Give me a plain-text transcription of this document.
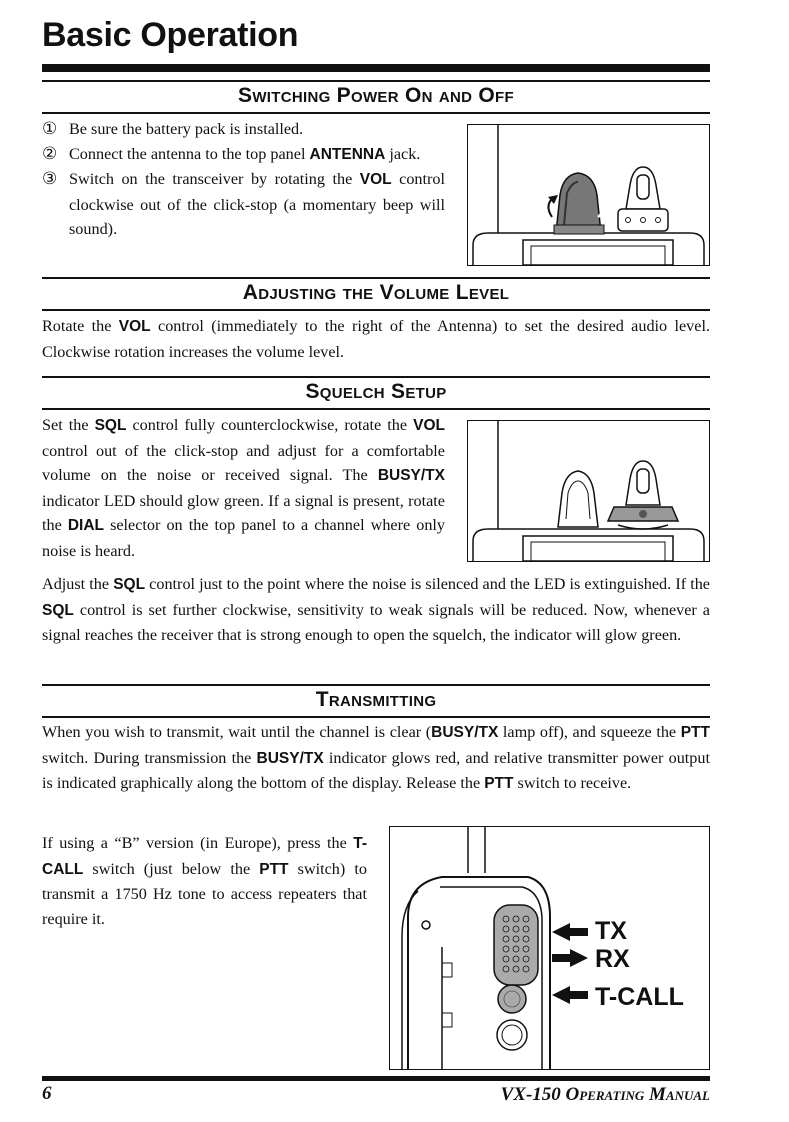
Basic Operation
Switching Power On and Off
① Be sure the battery pack is installed.
② Connect the antenna to the top panel ANTENNA jack.
③ Switch on the transceiver by rotating the VOL control clockwise out of the click-stop (a momentary beep will sound).
Adjusting the Volume Level

Rotate the VOL control (immediately to the right of the Antenna) to set the desired audio level. Clockwise rotation increases the volume level.

Squelch Setup

Set the SQL control fully counterclockwise, rotate the VOL control out of the click-stop and adjust for a comfortable volume on the noise or received signal. The BUSY/TX indicator LED should glow green. If a signal is present, rotate the DIAL selector on the top panel to a channel where only noise is heard.

Adjust the SQL control just to the point where the noise is silenced and the LED is extinguished. If the SQL control is set further clockwise, sensitivity to weak signals will be reduced. Now, whenever a signal reaches the receiver that is strong enough to open the squelch, the indicator will glow green.

Transmitting

When you wish to transmit, wait until the channel is clear (BUSY/TX lamp off), and squeeze the PTT switch. During transmission the BUSY/TX indicator glows red, and relative transmitter power output is indicated graphically along the bottom of the display. Release the PTT switch to receive.

If using a “B” version (in Europe), press the T-CALL switch (just below the PTT switch) to transmit a 1750 Hz tone to access repeaters that require it.	TX
RX
T-CALL
6	VX-150 Operating Manual
